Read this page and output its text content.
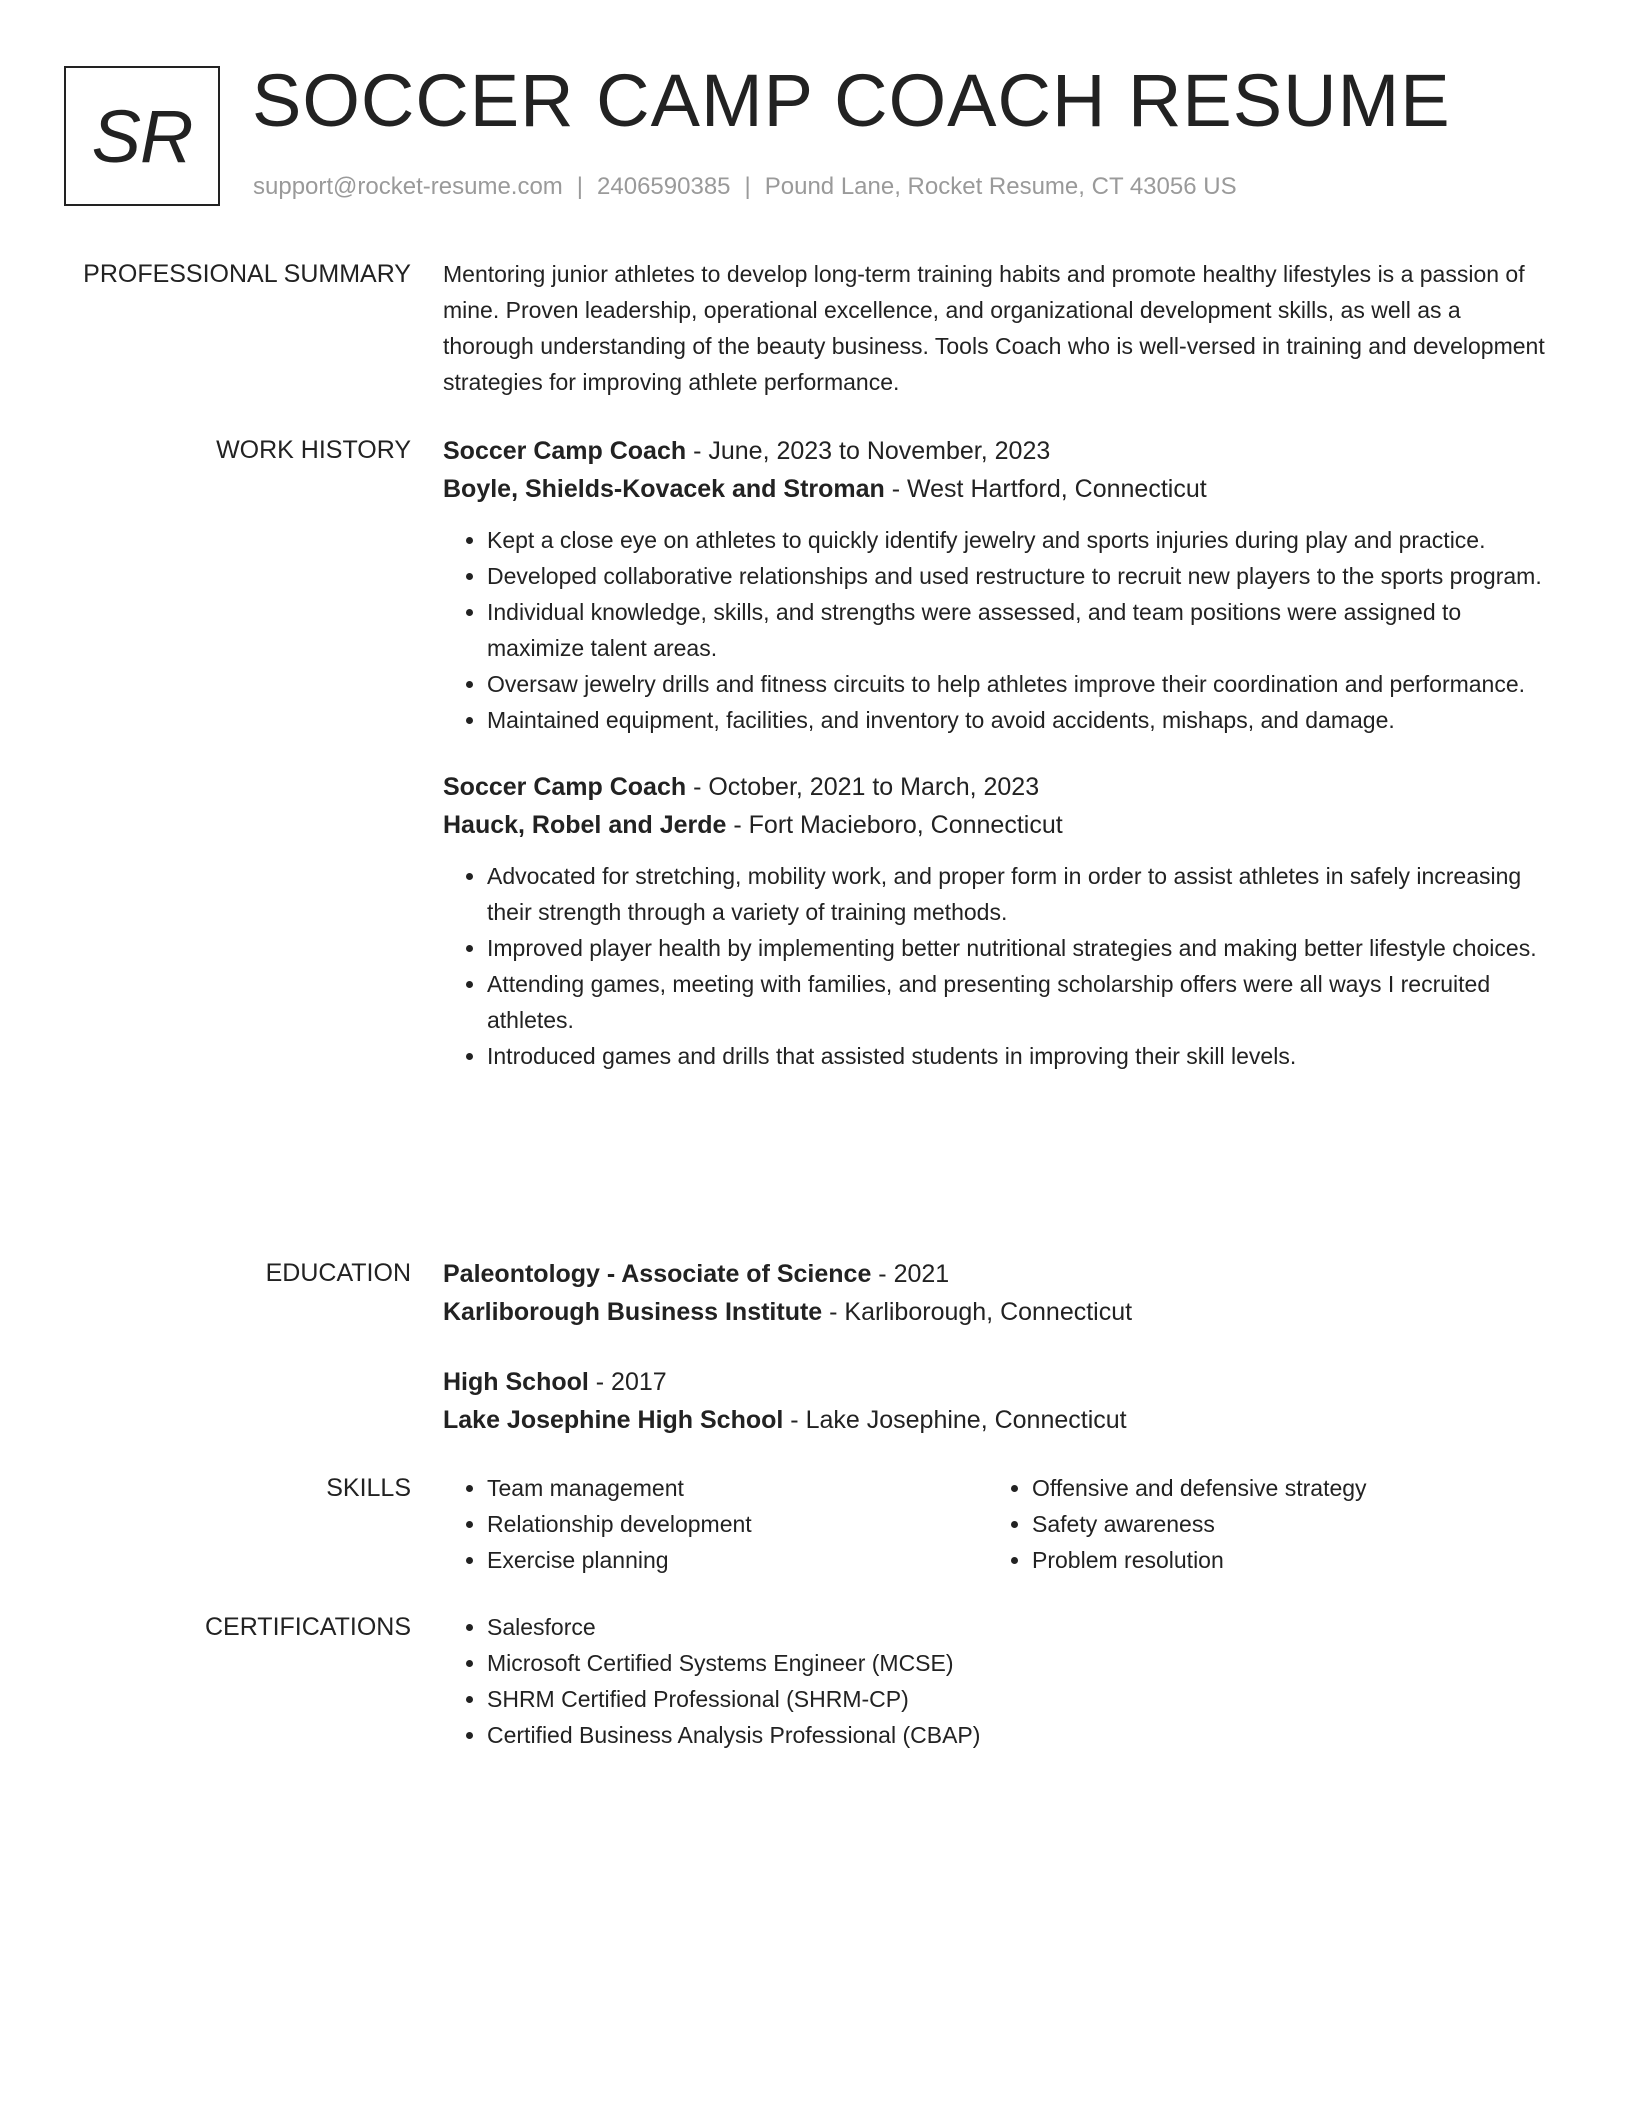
SR SOCCER CAMP COACH RESUME
support@rocket-resume.com | 2406590385 | Pound Lane, Rocket Resume, CT 43056 US
PROFESSIONAL SUMMARY Mentoring junior athletes to develop long-term training habits and promote healthy lifestyles is a passion of mine. Proven leadership, operational excellence, and organizational development skills, as well as a thorough understanding of the beauty business. Tools Coach who is well-versed in training and development strategies for improving athlete performance.

WORK HISTORY Soccer Camp Coach - June, 2023 to November, 2023
Boyle, Shields-Kovacek and Stroman - West Hartford, Connecticut
• Kept a close eye on athletes to quickly identify jewelry and sports injuries during play and practice.
• Developed collaborative relationships and used restructure to recruit new players to the sports program.
• Individual knowledge, skills, and strengths were assessed, and team positions were assigned to maximize talent areas.
• Oversaw jewelry drills and fitness circuits to help athletes improve their coordination and performance.
• Maintained equipment, facilities, and inventory to avoid accidents, mishaps, and damage.
Soccer Camp Coach - October, 2021 to March, 2023
Hauck, Robel and Jerde - Fort Macieboro, Connecticut
• Advocated for stretching, mobility work, and proper form in order to assist athletes in safely increasing their strength through a variety of training methods.
• Improved player health by implementing better nutritional strategies and making better lifestyle choices.
• Attending games, meeting with families, and presenting scholarship offers were all ways I recruited athletes.
• Introduced games and drills that assisted students in improving their skill levels.
EDUCATION Paleontology - Associate of Science - 2021
Karliborough Business Institute - Karliborough, Connecticut
High School - 2017
Lake Josephine High School - Lake Josephine, Connecticut
SKILLS	• Team management
• Relationship development
• Exercise planning
• Offensive and defensive strategy
• Safety awareness
• Problem resolution
CERTIFICATIONS	• Salesforce
• Microsoft Certified Systems Engineer (MCSE)
• SHRM Certified Professional (SHRM-CP)
• Certified Business Analysis Professional (CBAP)
